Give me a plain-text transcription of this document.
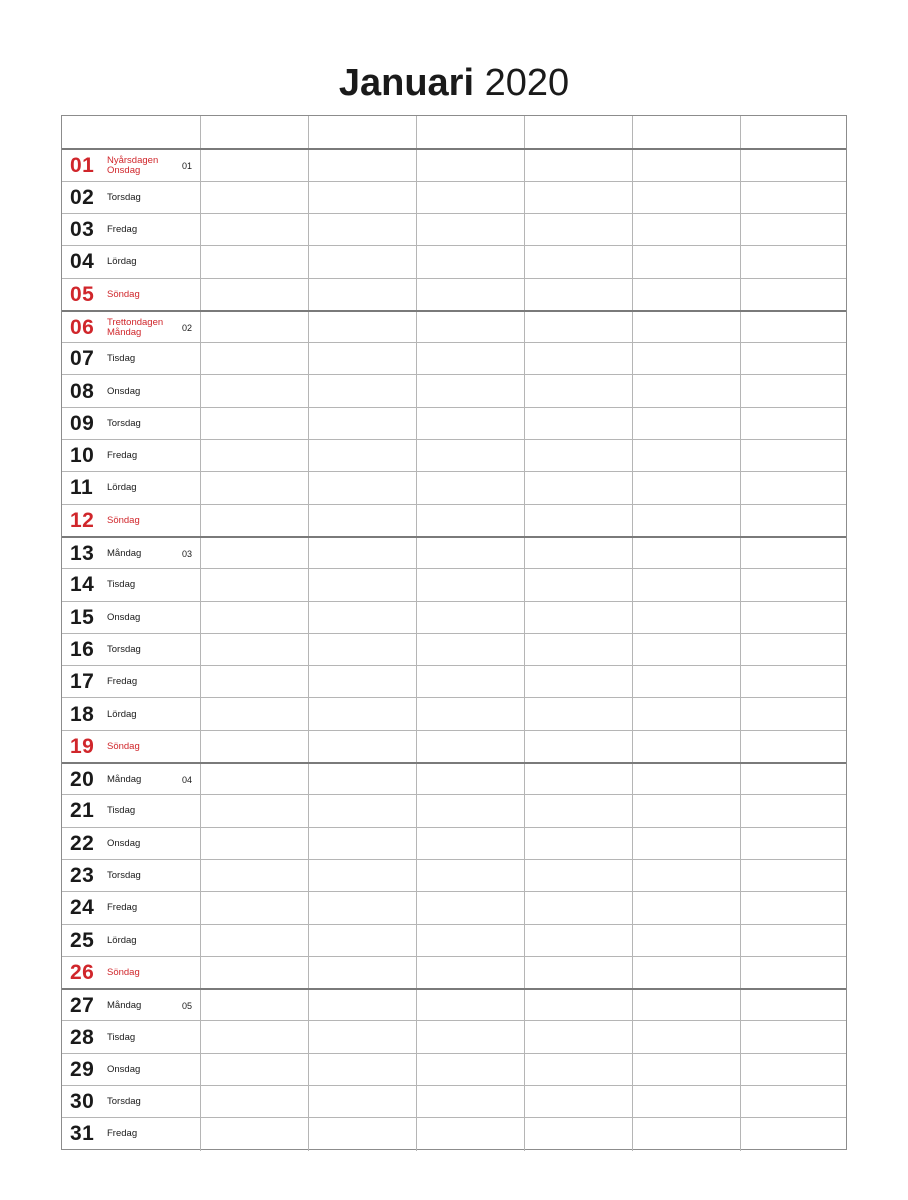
Januari 2020
01 Nyårsdagen
Onsdag	01
02 Torsdag
03 Fredag
04 Lördag
05 Söndag
06 Trettondagen
Måndag	02
07 Tisdag
08 Onsdag
09 Torsdag
10 Fredag
11 Lördag
12 Söndag
13 Måndag	03
14 Tisdag
15 Onsdag
16 Torsdag
17 Fredag
18 Lördag
19 Söndag
20 Måndag	04
21 Tisdag
22 Onsdag
23 Torsdag
24 Fredag
25 Lördag
26 Söndag
27 Måndag	05
28 Tisdag
29 Onsdag
30 Torsdag
31 Fredag
